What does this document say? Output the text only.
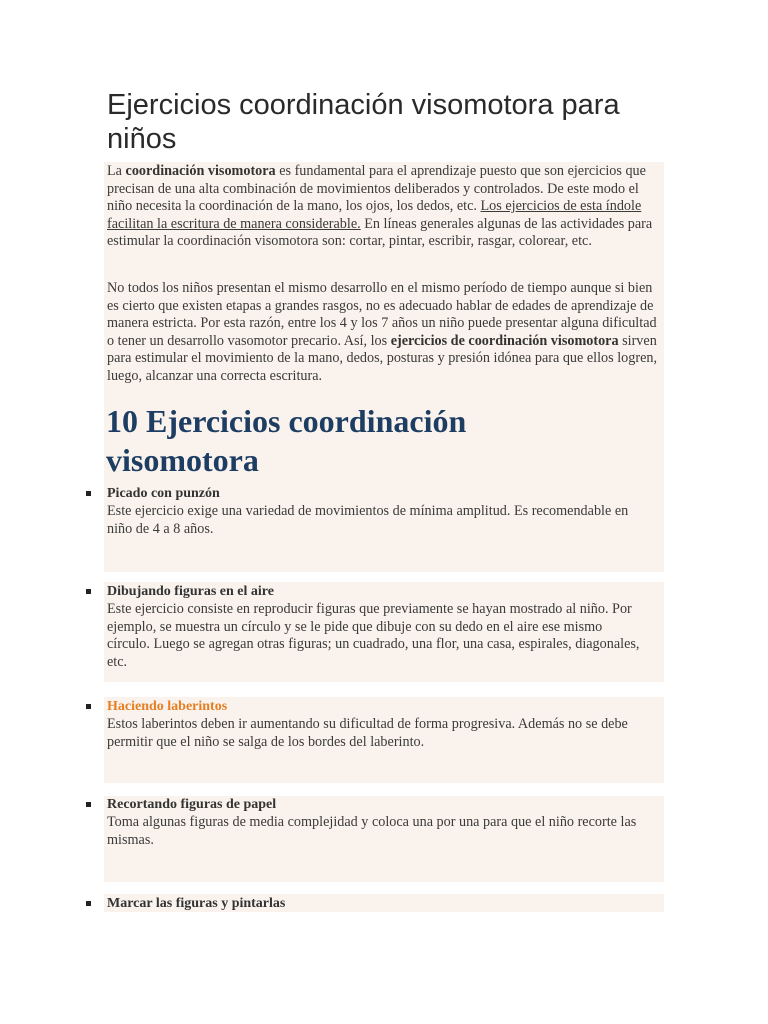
Ejercicios coordinación visomotora para niños

La coordinación visomotora es fundamental para el aprendizaje puesto que son ejercicios que precisan de una alta combinación de movimientos deliberados y controlados. De este modo el niño necesita la coordinación de la mano, los ojos, los dedos, etc. Los ejercicios de esta índole facilitan la escritura de manera considerable. En líneas generales algunas de las actividades para estimular la coordinación visomotora son: cortar, pintar, escribir, rasgar, colorear, etc.

No todos los niños presentan el mismo desarrollo en el mismo período de tiempo aunque si bien es cierto que existen etapas a grandes rasgos, no es adecuado hablar de edades de aprendizaje de manera estricta. Por esta razón, entre los 4 y los 7 años un niño puede presentar alguna dificultad o tener un desarrollo vasomotor precario. Así, los ejercicios de coordinación visomotora sirven para estimular el movimiento de la mano, dedos, posturas y presión idónea para que ellos logren, luego, alcanzar una correcta escritura.

10 Ejercicios coordinación visomotora

Picado con punzón

Este ejercicio exige una variedad de movimientos de mínima amplitud. Es recomendable en niño de 4 a 8 años.

Dibujando figuras en el aire

Este ejercicio consiste en reproducir figuras que previamente se hayan mostrado al niño. Por ejemplo, se muestra un círculo y se le pide que dibuje con su dedo en el aire ese mismo círculo. Luego se agregan otras figuras; un cuadrado, una flor, una casa, espirales, diagonales, etc.

Haciendo laberintos

Estos laberintos deben ir aumentando su dificultad de forma progresiva. Además no se debe permitir que el niño se salga de los bordes del laberinto.

Recortando figuras de papel

Toma algunas figuras de media complejidad y coloca una por una para que el niño recorte las mismas.

Marcar las figuras y pintarlas
